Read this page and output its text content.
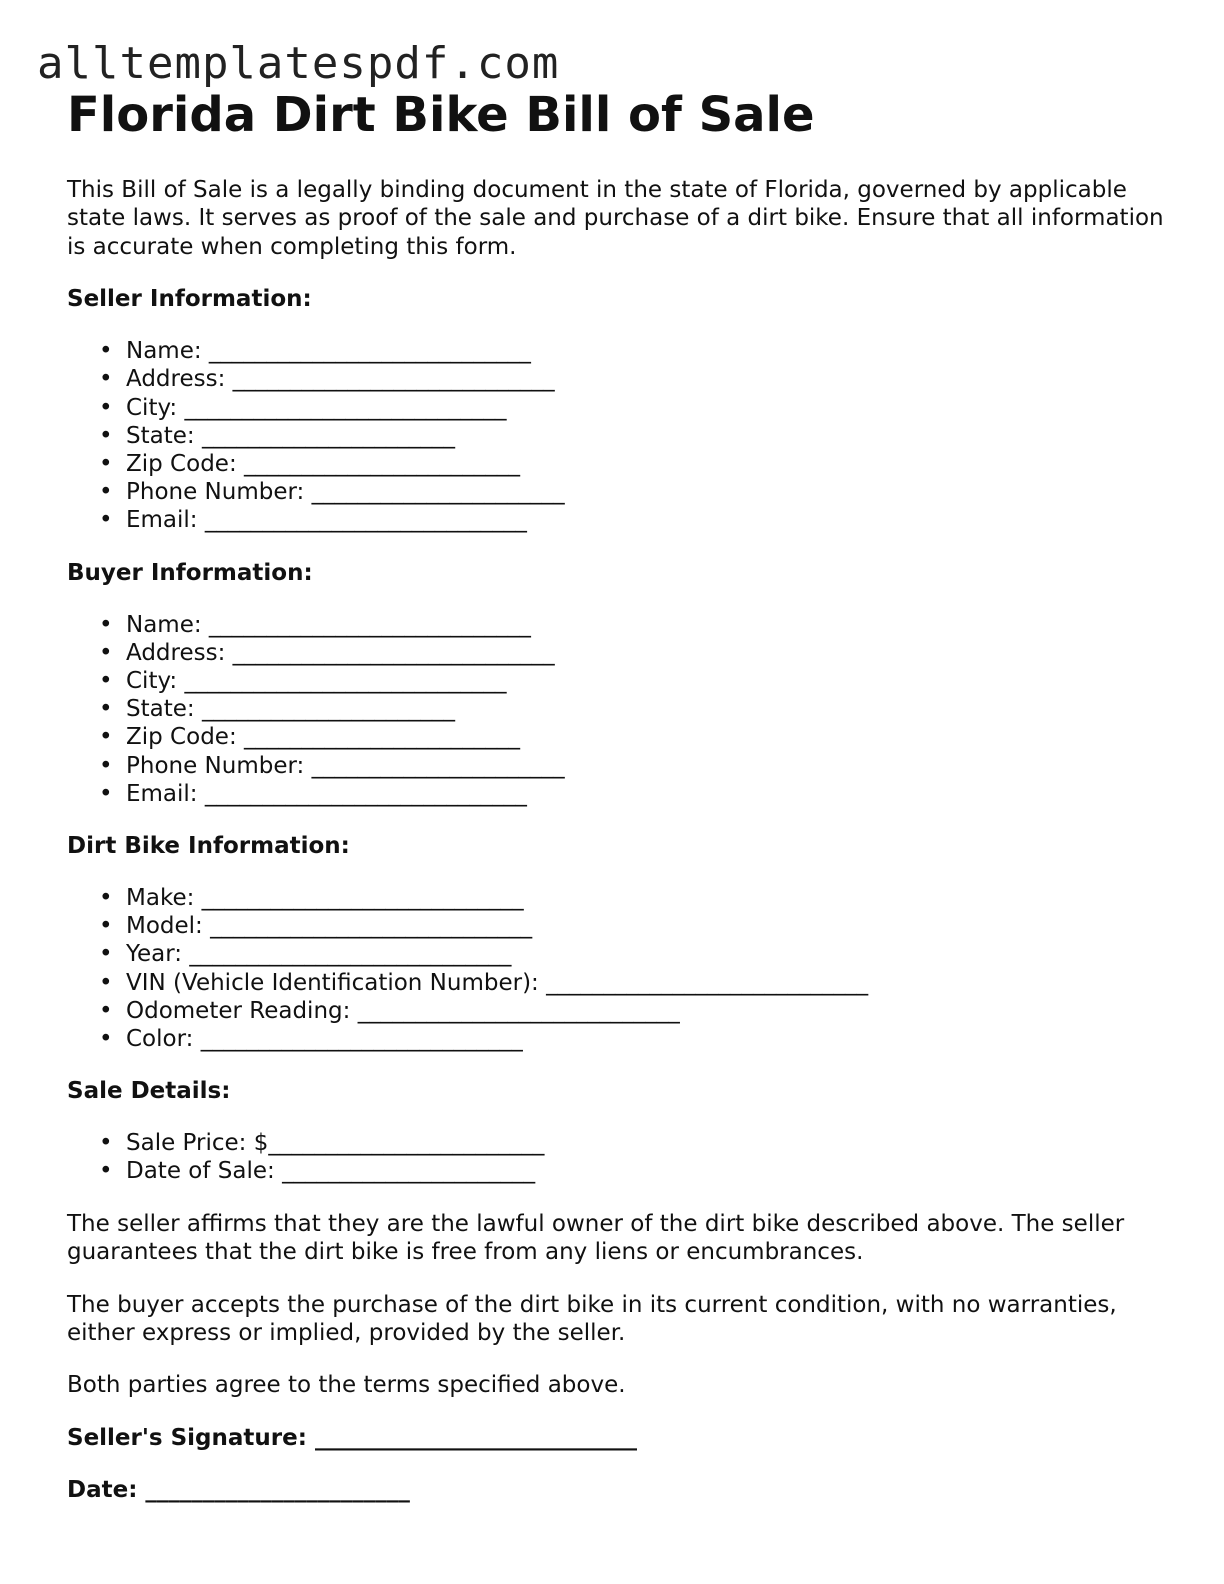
alltemplatespdf.com
Florida Dirt Bike Bill of Sale

This Bill of Sale is a legally binding document in the state of Florida, governed by applicable state laws. It serves as proof of the sale and purchase of a dirt bike. Ensure that all information is accurate when completing this form.

Seller Information:
• Name: ____________________________
• Address: ____________________________
• City: ____________________________
• State: ______________________
• Zip Code: ________________________
• Phone Number: ______________________
• Email: ____________________________
Buyer Information:
• Name: ____________________________
• Address: ____________________________
• City: ____________________________
• State: ______________________
• Zip Code: ________________________
• Phone Number: ______________________
• Email: ____________________________
Dirt Bike Information:
• Make: ____________________________
• Model: ____________________________
• Year: ____________________________
• VIN (Vehicle Identification Number): ____________________________
• Odometer Reading: ____________________________
• Color: ____________________________
Sale Details:
• Sale Price: $________________________
• Date of Sale: ______________________

The seller affirms that they are the lawful owner of the dirt bike described above. The seller guarantees that the dirt bike is free from any liens or encumbrances.

The buyer accepts the purchase of the dirt bike in its current condition, with no warranties, either express or implied, provided by the seller.

Both parties agree to the terms specified above.

Seller's Signature: ____________________________

Date: _______________________
